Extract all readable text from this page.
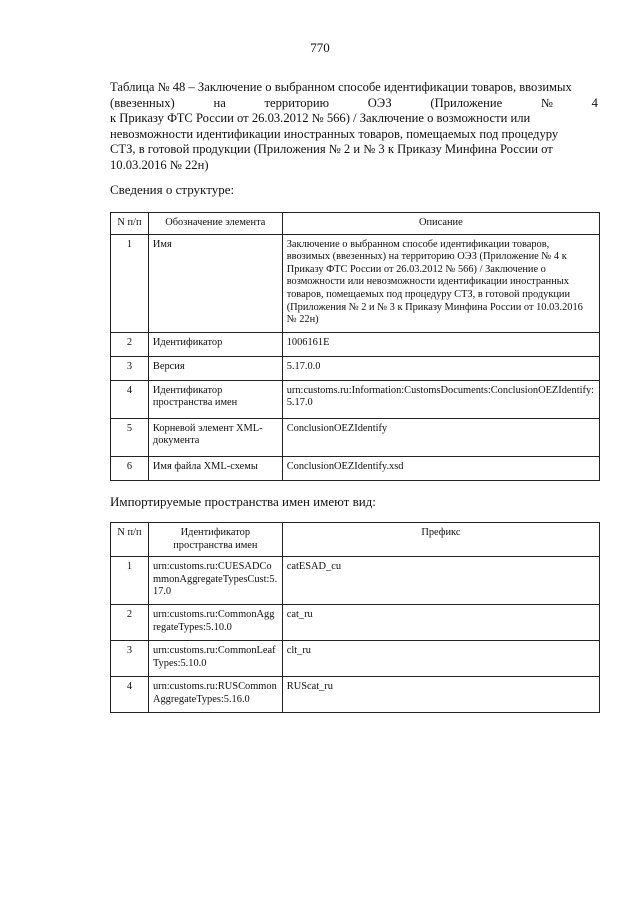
770
Таблица № 48 – Заключение о выбранном способе идентификации товаров, ввозимых
(ввезенных)	на	территорию	ОЭЗ	(Приложение	№	4
к Приказу ФТС России от 26.03.2012 № 566) / Заключение о возможности или
невозможности идентификации иностранных товаров, помещаемых под процедуру
СТЗ, в готовой продукции (Приложения № 2 и № 3 к Приказу Минфина России от
10.03.2016 № 22н)
Сведения о структуре:
N п/п	Обозначение элемента	Описание
1	Имя	Заключение о выбранном способе идентификации товаров, ввозимых (ввезенных) на территорию ОЭЗ (Приложение № 4 к Приказу ФТС России от 26.03.2012 № 566) / Заключение о возможности или невозможности идентификации иностранных товаров, помещаемых под процедуру СТЗ, в готовой продукции (Приложения № 2 и № 3 к Приказу Минфина России от 10.03.2016 № 22н)
2	Идентификатор	1006161E
3	Версия	5.17.0.0
4	Идентификатор пространства имен	urn:customs.ru:Information:CustomsDocuments:ConclusionOEZIdentify:5.17.0
5	Корневой элемент XML-документа	ConclusionOEZIdentify
6	Имя файла XML-схемы	ConclusionOEZIdentify.xsd
Импортируемые пространства имен имеют вид:
N п/п	Идентификатор пространства имен	Префикс
1	urn:customs.ru:CUESADCommonAggregateTypesCust:5.17.0	catESAD_cu
2	urn:customs.ru:CommonAggregateTypes:5.10.0	cat_ru
3	urn:customs.ru:CommonLeafTypes:5.10.0	clt_ru
4	urn:customs.ru:RUSCommonAggregateTypes:5.16.0	RUScat_ru
